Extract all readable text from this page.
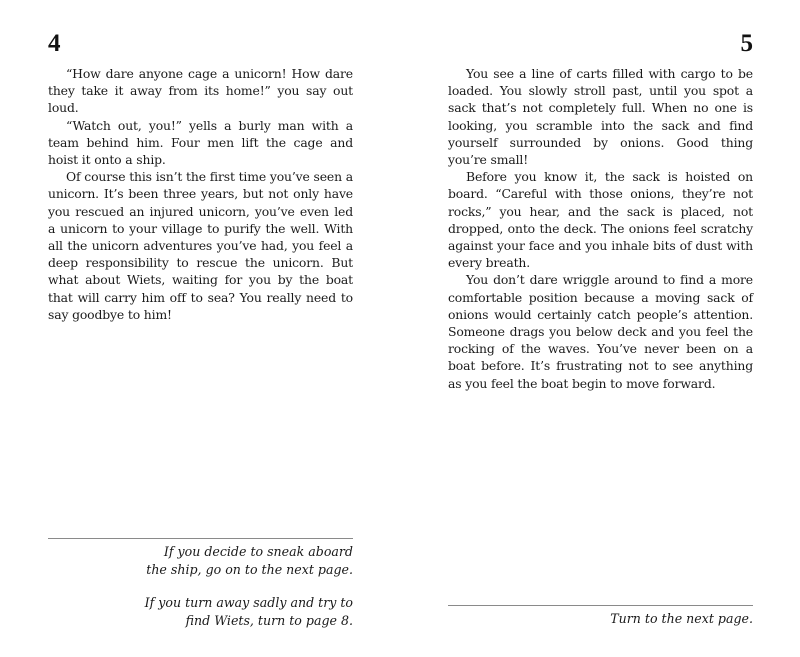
4

“How dare anyone cage a unicorn! How dare they take it away from its home!” you say out loud.

“Watch out, you!” yells a burly man with a team behind him. Four men lift the cage and hoist it onto a ship.

Of course this isn’t the first time you’ve seen a unicorn. It’s been three years, but not only have you rescued an injured unicorn, you’ve even led a unicorn to your village to purify the well. With all the unicorn adventures you’ve had, you feel a deep responsibility to rescue the unicorn. But what about Wiets, waiting for you by the boat that will carry him off to sea? You really need to say goodbye to him!

If you decide to sneak aboard
the ship, go on to the next page.
If you turn away sadly and try to
find Wiets, turn to page 8.
5

You see a line of carts filled with cargo to be loaded. You slowly stroll past, until you spot a sack that’s not completely full. When no one is looking, you scramble into the sack and find yourself surrounded by onions. Good thing you’re small!

Before you know it, the sack is hoisted on board. “Careful with those onions, they’re not rocks,” you hear, and the sack is placed, not dropped, onto the deck. The onions feel scratchy against your face and you inhale bits of dust with every breath.

You don’t dare wriggle around to find a more comfortable position because a moving sack of onions would certainly catch people’s attention. Someone drags you below deck and you feel the rocking of the waves. You’ve never been on a boat before. It’s frustrating not to see anything as you feel the boat begin to move forward.

Turn to the next page.
